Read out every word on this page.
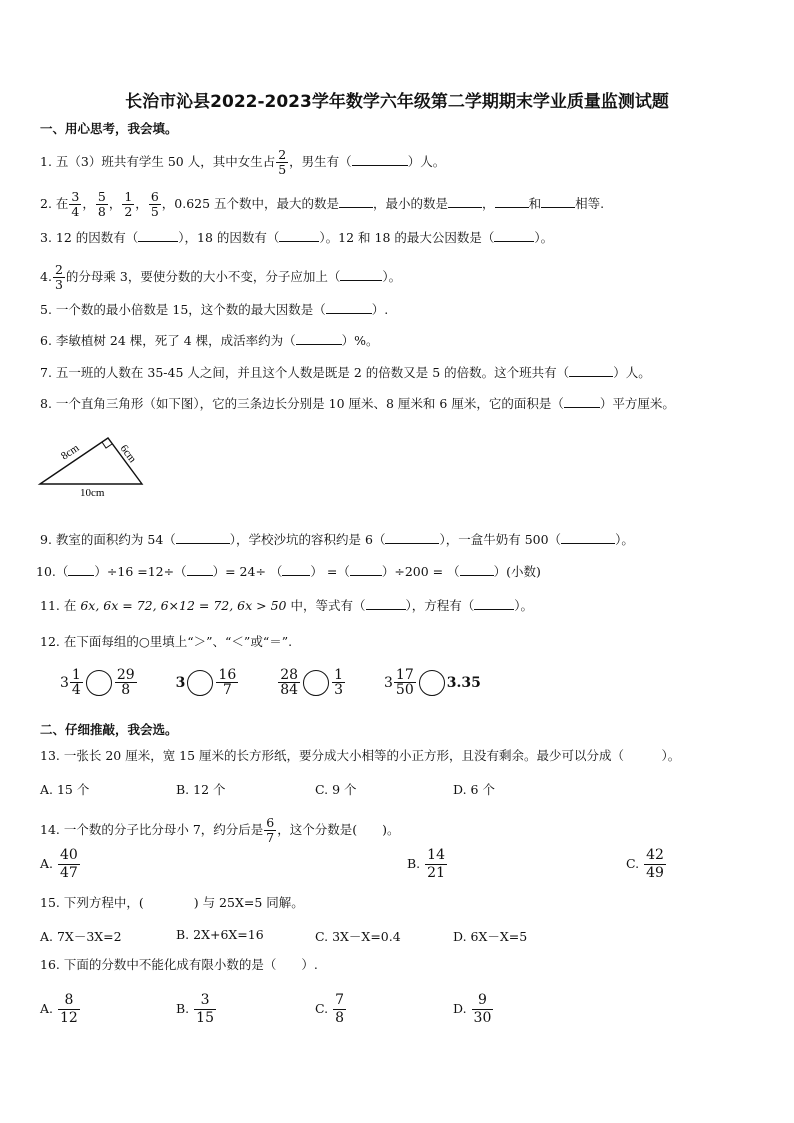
长治市沁县2022-2023学年数学六年级第二学期期末学业质量监测试题
一、用心思考，我会填。
1. 五（3）班共有学生 50 人，其中女生占 $\frac{2}{5}$ ，男生有（	）人。
2. 在 $\frac{3}{4}$ ， $\frac{5}{8}$ ， $\frac{1}{2}$ ， $\frac{6}{5}$ ，0.625 五个数中，最大的数是	，最小的数是	，	和	相等.
3. 12 的因数有（	），18 的因数有（	）。12 和 18 的最大公因数是（	）。
4. $\frac{2}{3}$ 的分母乘 3，要使分数的大小不变，分子应加上（	）。
5. 一个数的最小倍数是 15，这个数的最大因数是（	）.
6. 李敏植树 24 棵，死了 4 棵，成活率约为（	）%。
7. 五一班的人数在 35-45 人之间，并且这个人数是既是 2 的倍数又是 5 的倍数。这个班共有（	）人。
8. 一个直角三角形（如下图），它的三条边长分别是 10 厘米、8 厘米和 6 厘米，它的面积是（	）平方厘米。
8cm	6cm
10cm
9. 教室的面积约为 54（	），学校沙坑的容积约是 6（	），一盒牛奶有 500（	）。
10.（ ）÷16 =12÷（ ）= 24÷ （ ） =（	）÷200 = （	）(小数)
11. 在 6x, 6x = 72, 6×12 = 72, 6x > 50 中，等式有（	），方程有（	）。
12. 在下面每组的○里填上“＞”、“＜”或“＝”.
$3 \frac{1}{4} \frac{29}{8}$	$3 \frac{16}{7}$	$\frac{28}{84} \frac{1}{3}$	$3 \frac{17}{50} 3.35$
二、仔细推敲，我会选。
13. 一张长 20 厘米，宽 15 厘米的长方形纸，要分成大小相等的小正方形，且没有剩余。最少可以分成（　　　）。
A. 15 个	B. 12 个	C. 9 个	D. 6 个
14. 一个数的分子比分母小 7，约分后是 $\frac{6}{7}$ ，这个分数是(　　)。
A. $\frac{40}{47}$	B. $\frac{14}{21}$	C. $\frac{42}{49}$
15. 下列方程中，(　　　　) 与 25X=5 同解。
A. 7X－3X=2	B. 2X+6X=16	C. 3X－X=0.4	D. 6X－X=5
16. 下面的分数中不能化成有限小数的是（　　）.
A. $\frac{8}{12}$	B. $\frac{3}{15}$	C. $\frac{7}{8}$	D. $\frac{9}{30}$
